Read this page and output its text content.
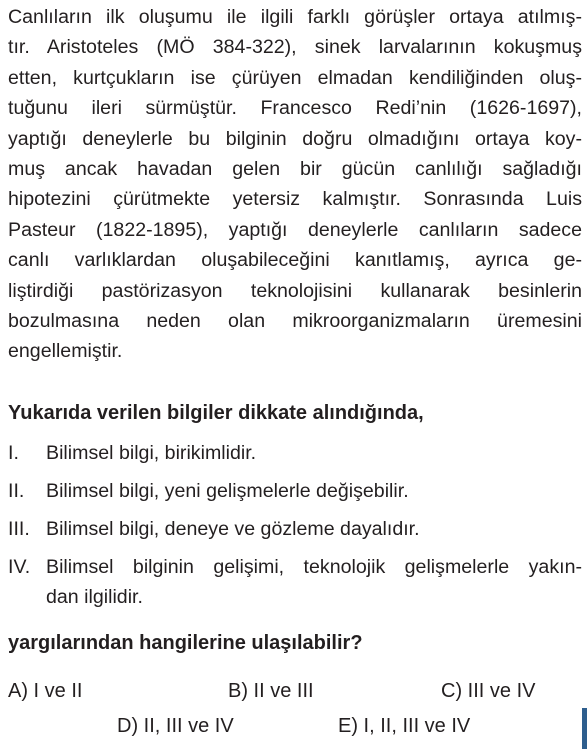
Canlıların ilk oluşumu ile ilgili farklı görüşler ortaya atılmış-
tır. Aristoteles (MÖ 384-322), sinek larvalarının kokuşmuş
etten, kurtçukların ise çürüyen elmadan kendiliğinden oluş-
tuğunu ileri sürmüştür. Francesco Redi’nin (1626-1697),
yaptığı deneylerle bu bilginin doğru olmadığını ortaya koy-
muş ancak havadan gelen bir gücün canlılığı sağladığı
hipotezini çürütmekte yetersiz kalmıştır. Sonrasında Luis
Pasteur (1822-1895), yaptığı deneylerle canlıların sadece
canlı varlıklardan oluşabileceğini kanıtlamış, ayrıca ge-
liştirdiği pastörizasyon teknolojisini kullanarak besinlerin
bozulmasına neden olan mikroorganizmaların üremesini
engellemiştir.

Yukarıda verilen bilgiler dikkate alındığında,

I. Bilimsel bilgi, birikimlidir.
II. Bilimsel bilgi, yeni gelişmelerle değişebilir.
III. Bilimsel bilgi, deneye ve gözleme dayalıdır.
IV. Bilimsel bilginin gelişimi, teknolojik gelişmelerle yakın-
dan ilgilidir.

yargılarından hangilerine ulaşılabilir?

A) I ve II	B) II ve III	C) III ve IV
D) II, III ve IV	E) I, II, III ve IV
